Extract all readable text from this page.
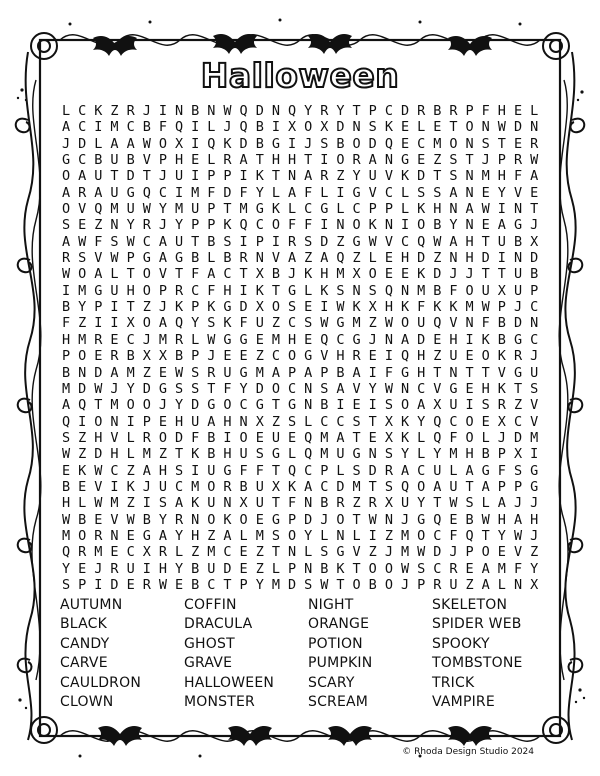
Halloween
L C K Z R J I N B N W Q D N Q Y R Y T P C D R B R P F H E L
A C I M C B F Q I L J Q B I X O X D N S K E L E T O N W D N
J D L A A W O X I Q K D B G I J S B O D Q E C M O N S T E R
G C B U B V P H E L R A T H H T I O R A N G E Z S T J P R W
O A U T D T J U I P P I K T N A R Z Y U V K D T S N M H F A
A R A U G Q C I M F D F Y L A F L I G V C L S S A N E Y V E
O V Q M U W Y M U P T M G K L C G L C P P L K H N A W I N T
S E Z N Y R J Y P P K Q C O F F I N O K N I O B Y N E A G J
A W F S W C A U T B S I P I R S D Z G W V C Q W A H T U B X
R S V W P G A G B L B R N V A Z A Q Z L E H D Z N H D I N D
W O A L T O V T F A C T X B J K H M X O E E K D J J T T U B
I M G U H O P R C F H I K T G L K S N S Q N M B F O U X U P
B Y P I T Z J K P K G D X O S E I W K X H K F K K M W P J C
F Z I I X O A Q Y S K F U Z C S W G M Z W O U Q V N F B D N
H M R E C J M R L W G G E M H E Q C G J N A D E H I K B G C
P O E R B X X B P J E E Z C O G V H R E I Q H Z U E O K R J
B N D A M Z E W S R U G M A P A P B A I F G H T N T T V G U
M D W J Y D G S S T F Y D O C N S A V Y W N C V G E H K T S
A Q T M O O J Y D G O C G T G N B I E I S O A X U I S R Z V
Q I O N I P E H U A H N X Z S L C C S T X K Y Q C O E X C V
S Z H V L R O D F B I O E U E Q M A T E X K L Q F O L J D M
W Z D H L M Z T K B H U S G L Q M U G N S Y L Y M H B P X I
E K W C Z A H S I U G F F T Q C P L S D R A C U L A G F S G
B E V I K J U C M O R B U X K A C D M T S Q O A U T A P P G
H L W M Z I S A K U N X U T F N B R Z R X U Y T W S L A J J
W B E V W B Y R N O K O E G P D J O T W N J G Q E B W H A H
M O R N E G A Y H Z A L M S O Y L N L I Z M O C F Q T Y W J
Q R M E C X R L Z M C E Z T N L S G V Z J M W D J P O E V Z
Y E J R U I H Y B U D E Z L P N B K T O O W S C R E A M F Y
S P I D E R W E B C T P Y M D S W T O B O J P R U Z A L N X
AUTUMN
BLACK
CANDY
CARVE
CAULDRON
CLOWN
COFFIN
DRACULA
GHOST
GRAVE
HALLOWEEN
MONSTER
NIGHT
ORANGE
POTION
PUMPKIN
SCARY
SCREAM
SKELETON
SPIDER WEB
SPOOKY
TOMBSTONE
TRICK
VAMPIRE
© Rhoda Design Studio 2024
